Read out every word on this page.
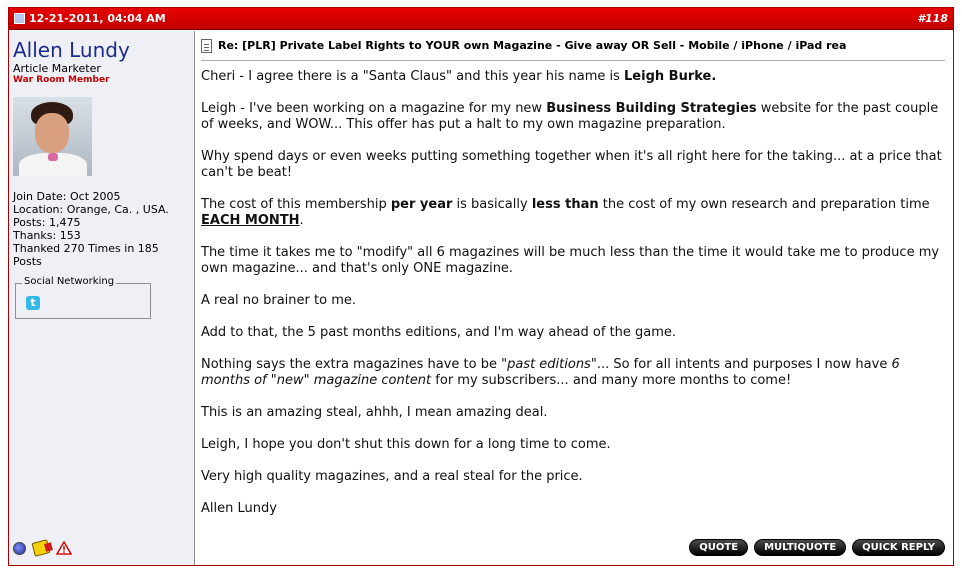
12-21-2011, 04:04 AM	#118
Allen Lundy
Article Marketer
War Room Member
Join Date: Oct 2005
Location: Orange, Ca. , USA.
Posts: 1,475
Thanks: 153
Thanked 270 Times in 185 Posts
Social Networking
t
Re: [PLR] Private Label Rights to YOUR own Magazine - Give away OR Sell - Mobile / iPhone / iPad rea

Cheri - I agree there is a "Santa Claus" and this year his name is Leigh Burke.

Leigh - I've been working on a magazine for my new Business Building Strategies website for the past couple of weeks, and WOW... This offer has put a halt to my own magazine preparation.

Why spend days or even weeks putting something together when it's all right here for the taking... at a price that can't be beat!

The cost of this membership per year is basically less than the cost of my own research and preparation time EACH MONTH.

The time it takes me to "modify" all 6 magazines will be much less than the time it would take me to produce my own magazine... and that's only ONE magazine.

A real no brainer to me.

Add to that, the 5 past months editions, and I'm way ahead of the game.

Nothing says the extra magazines have to be "past editions"... So for all intents and purposes I now have 6 months of "new" magazine content for my subscribers... and many more months to come!

This is an amazing steal, ahhh, I mean amazing deal.

Leigh, I hope you don't shut this down for a long time to come.

Very high quality magazines, and a real steal for the price.

Allen Lundy

QUOTE	MULTIQUOTE	QUICK REPLY
